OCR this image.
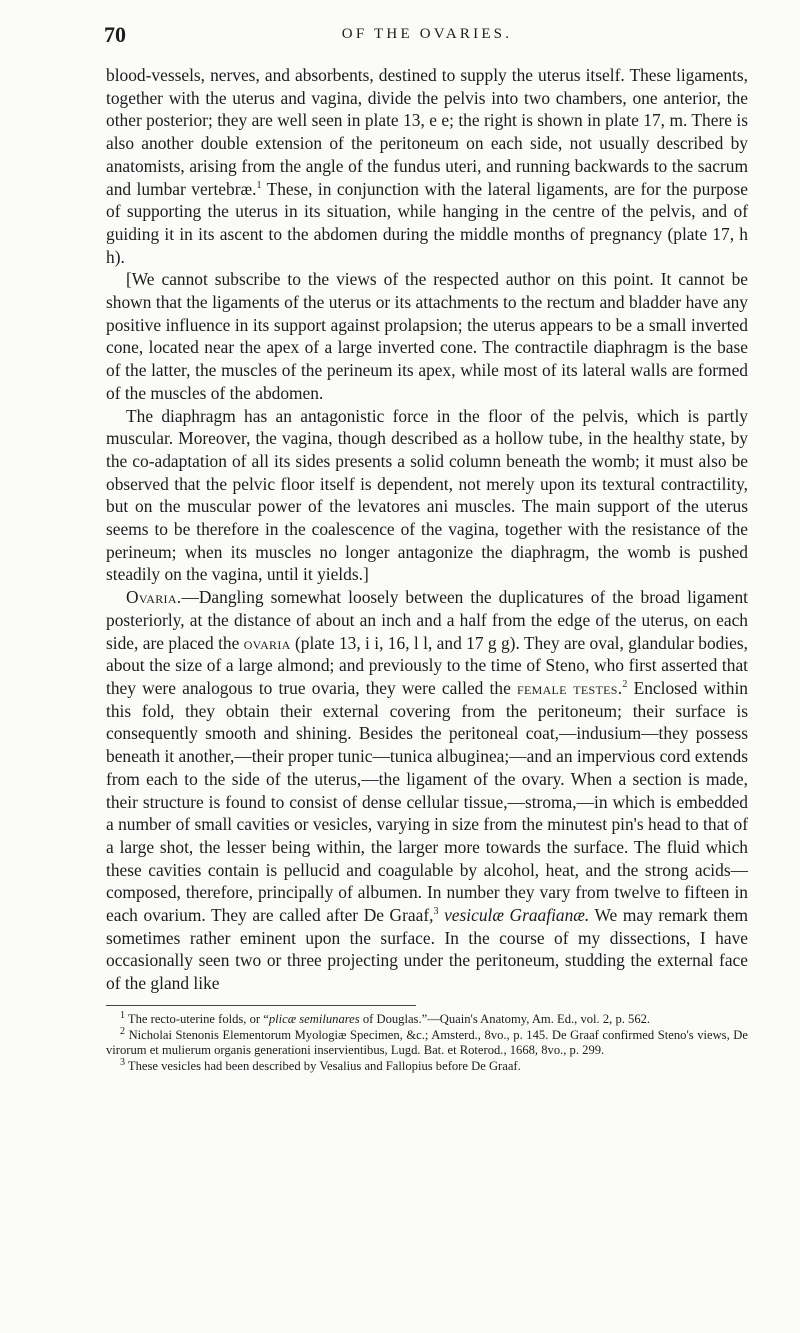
70	OF THE OVARIES.

blood-vessels, nerves, and absorbents, destined to supply the uterus itself. These ligaments, together with the uterus and vagina, divide the pelvis into two chambers, one anterior, the other posterior; they are well seen in plate 13, e e; the right is shown in plate 17, m. There is also another double extension of the peritoneum on each side, not usually described by anatomists, arising from the angle of the fundus uteri, and running backwards to the sacrum and lumbar vertebræ.$^1$ These, in conjunction with the lateral ligaments, are for the purpose of supporting the uterus in its situation, while hanging in the centre of the pelvis, and of guiding it in its ascent to the abdomen during the middle months of pregnancy (plate 17, h h).

[We cannot subscribe to the views of the respected author on this point. It cannot be shown that the ligaments of the uterus or its attachments to the rectum and bladder have any positive influence in its support against prolapsion; the uterus appears to be a small inverted cone, located near the apex of a large inverted cone. The contractile diaphragm is the base of the latter, the muscles of the perineum its apex, while most of its lateral walls are formed of the muscles of the abdomen.

The diaphragm has an antagonistic force in the floor of the pelvis, which is partly muscular. Moreover, the vagina, though described as a hollow tube, in the healthy state, by the co-adaptation of all its sides presents a solid column beneath the womb; it must also be observed that the pelvic floor itself is dependent, not merely upon its textural contractility, but on the muscular power of the levatores ani muscles. The main support of the uterus seems to be therefore in the coalescence of the vagina, together with the resistance of the perineum; when its muscles no longer antagonize the diaphragm, the womb is pushed steadily on the vagina, until it yields.]

Ovaria.—Dangling somewhat loosely between the duplicatures of the broad ligament posteriorly, at the distance of about an inch and a half from the edge of the uterus, on each side, are placed the ovaria (plate 13, i i, 16, l l, and 17 g g). They are oval, glandular bodies, about the size of a large almond; and previously to the time of Steno, who first asserted that they were analogous to true ovaria, they were called the female testes.$^2$ Enclosed within this fold, they obtain their external covering from the peritoneum; their surface is consequently smooth and shining. Besides the peritoneal coat,—indusium—they possess beneath it another,—their proper tunic—tunica albuginea;—and an impervious cord extends from each to the side of the uterus,—the ligament of the ovary. When a section is made, their structure is found to consist of dense cellular tissue,—stroma,—in which is embedded a number of small cavities or vesicles, varying in size from the minutest pin's head to that of a large shot, the lesser being within, the larger more towards the surface. The fluid which these cavities contain is pellucid and coagulable by alcohol, heat, and the strong acids—composed, therefore, principally of albumen. In number they vary from twelve to fifteen in each ovarium. They are called after De Graaf,$^3$ vesiculæ Graafianæ. We may remark them sometimes rather eminent upon the surface. In the course of my dissections, I have occasionally seen two or three projecting under the peritoneum, studding the external face of the gland like

$^1$ The recto-uterine folds, or “plicæ semilunares of Douglas.”—Quain's Anatomy, Am. Ed., vol. 2, p. 562.

$^2$ Nicholai Stenonis Elementorum Myologiæ Specimen, &c.; Amsterd., 8vo., p. 145. De Graaf confirmed Steno's views, De virorum et mulierum organis generationi inservientibus, Lugd. Bat. et Roterod., 1668, 8vo., p. 299.

$^3$ These vesicles had been described by Vesalius and Fallopius before De Graaf.
